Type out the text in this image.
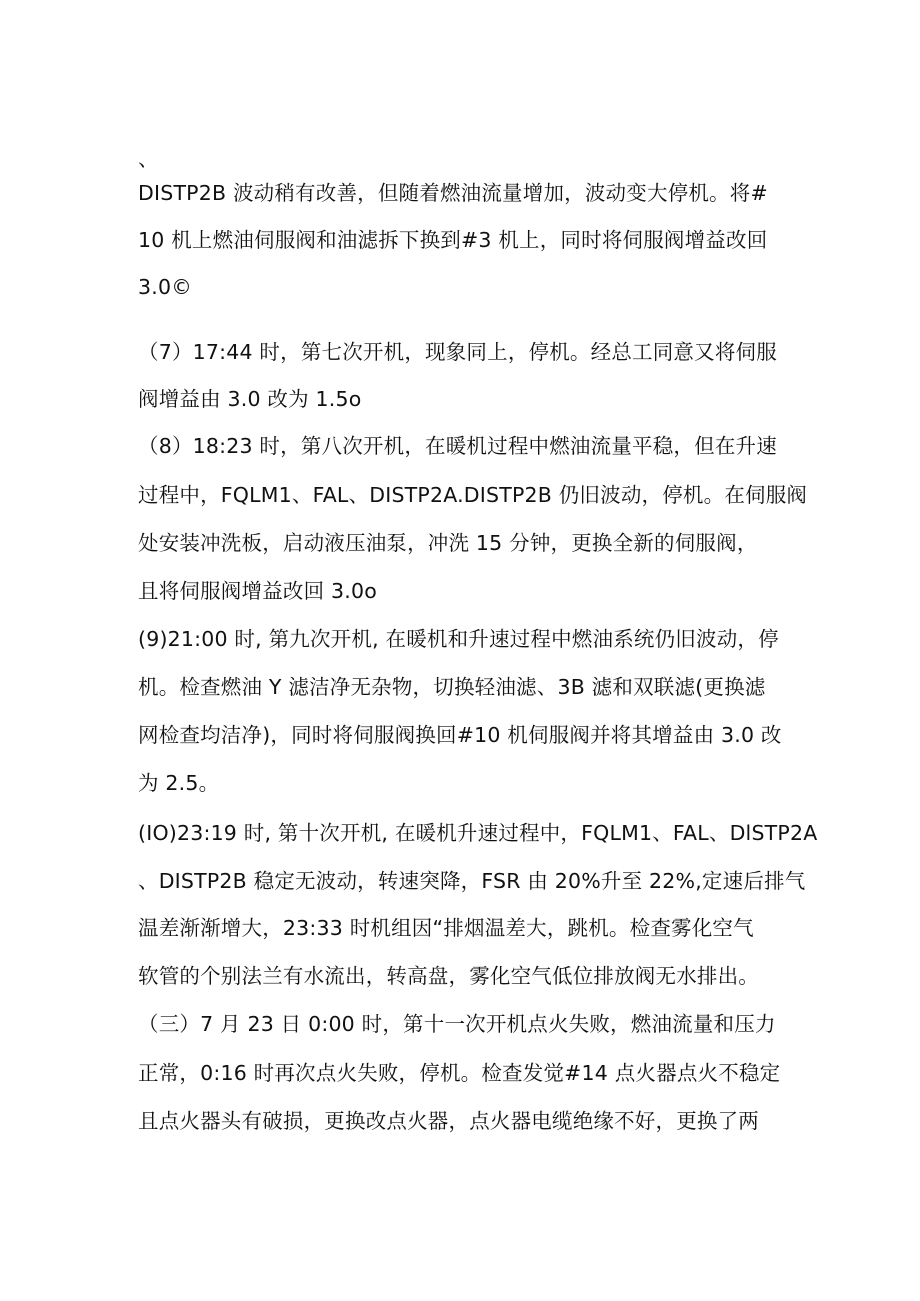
、
DISTP2B 波动稍有改善，但随着燃油流量增加，波动变大停机。将#
10 机上燃油伺服阀和油滤拆下换到#3 机上，同时将伺服阀增益改回
3.0©
（7）17:44 时，第七次开机，现象同上，停机。经总工同意又将伺服
阀增益由 3.0 改为 1.5o
（8）18:23 时，第八次开机，在暖机过程中燃油流量平稳，但在升速
过程中，FQLM1、FAL、DISTP2A.DISTP2B 仍旧波动，停机。在伺服阀
处安装冲洗板，启动液压油泵，冲洗 15 分钟，更换全新的伺服阀，
且将伺服阀增益改回 3.0o
(9)21:00 时, 第九次开机, 在暖机和升速过程中燃油系统仍旧波动，停
机。检查燃油 Y 滤洁净无杂物，切换轻油滤、3B 滤和双联滤(更换滤
网检查均洁净)，同时将伺服阀换回#10 机伺服阀并将其增益由 3.0 改
为 2.5。
(IO)23:19 时, 第十次开机, 在暖机升速过程中，FQLM1、FAL、DlSTP2A
、DISTP2B 稳定无波动，转速突降，FSR 由 20%升至 22%,定速后排气
温差渐渐增大，23:33 时机组因“排烟温差大，跳机。检查雾化空气
软管的个别法兰有水流出，转高盘，雾化空气低位排放阀无水排出。
（三）7 月 23 日 0:00 时，第十一次开机点火失败，燃油流量和压力
正常，0:16 时再次点火失败，停机。检查发觉#14 点火器点火不稳定
且点火器头有破损，更换改点火器，点火器电缆绝缘不好，更换了两
